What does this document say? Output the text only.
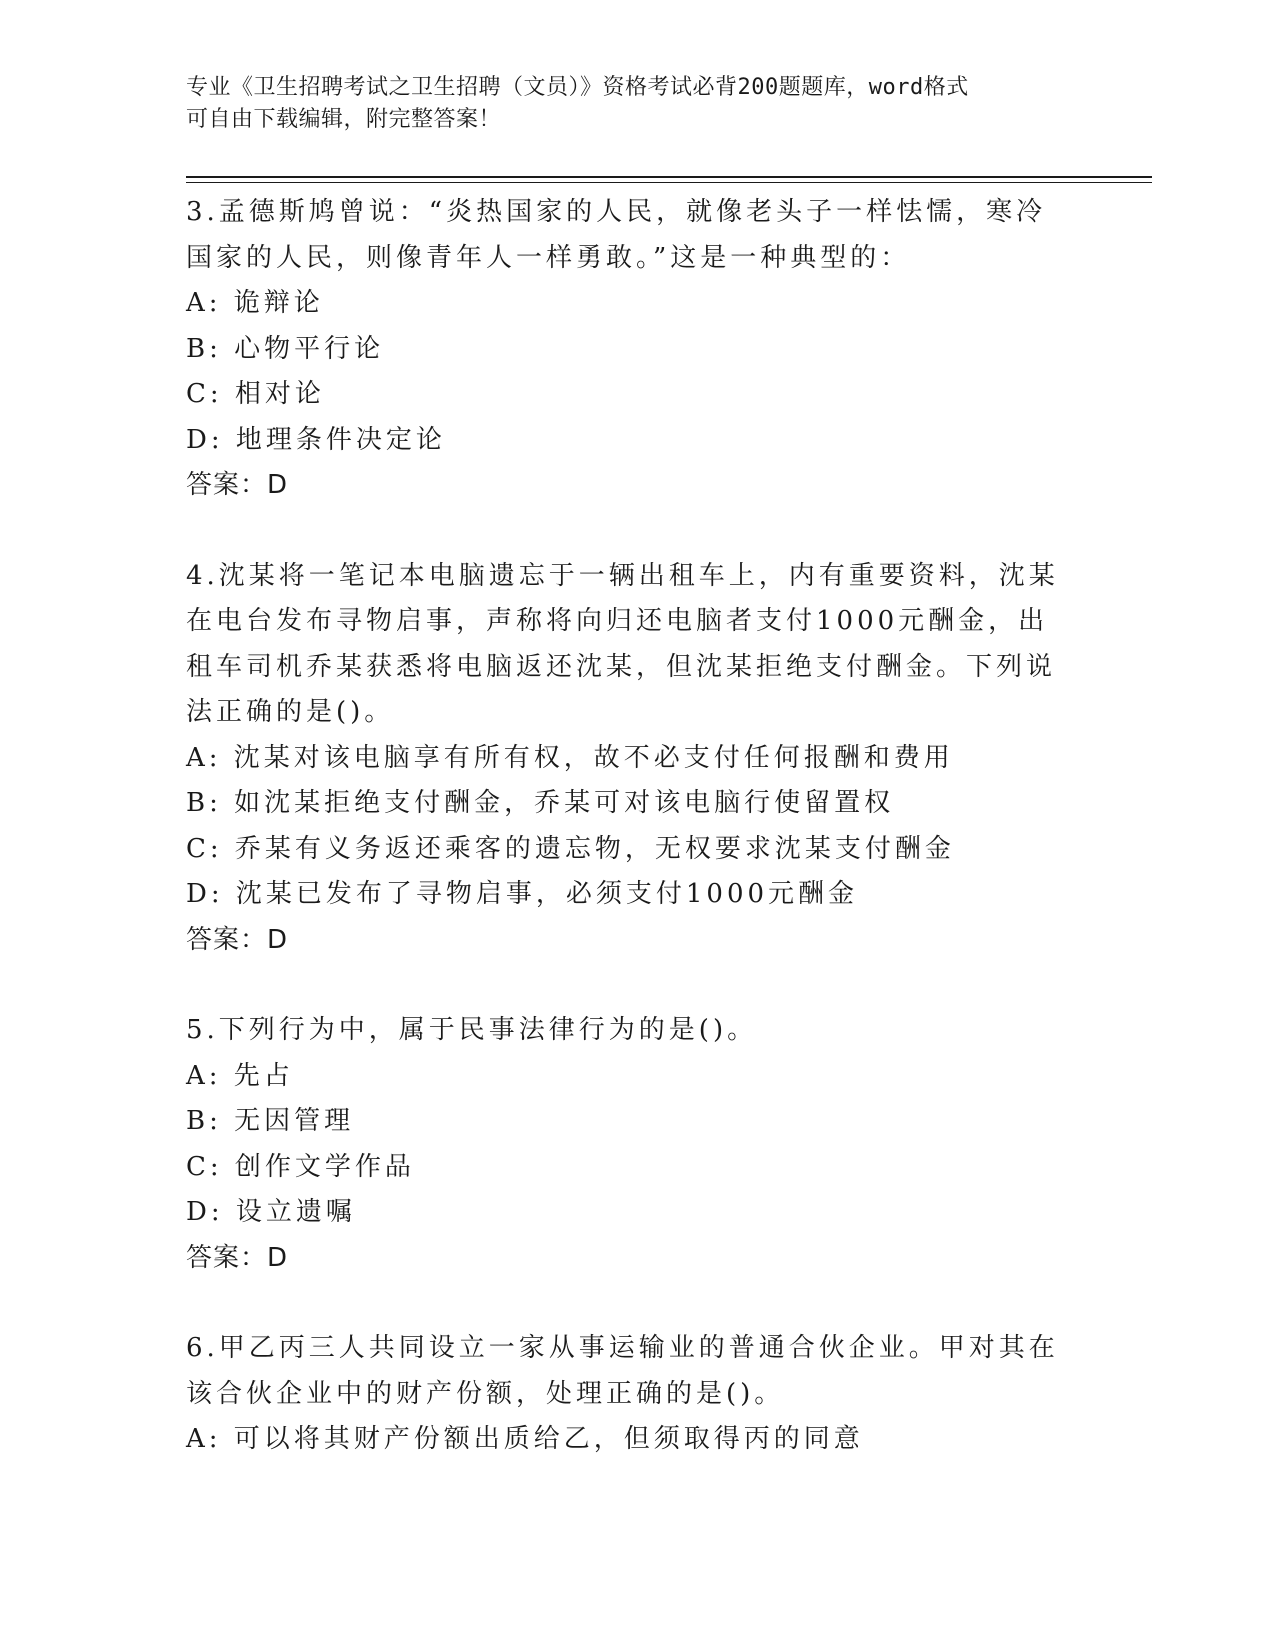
专业《卫生招聘考试之卫生招聘（文员）》资格考试必背200题题库，word格式
可自由下载编辑，附完整答案！

3.孟德斯鸠曾说：“炎热国家的人民，就像老头子一样怯懦，寒冷国家的人民，则像青年人一样勇敢。”这是一种典型的：

A: 诡辩论

B: 心物平行论

C: 相对论

D: 地理条件决定论

答案：D

4.沈某将一笔记本电脑遗忘于一辆出租车上，内有重要资料，沈某在电台发布寻物启事，声称将向归还电脑者支付1000元酬金，出租车司机乔某获悉将电脑返还沈某，但沈某拒绝支付酬金。下列说法正确的是()。

A: 沈某对该电脑享有所有权，故不必支付任何报酬和费用

B: 如沈某拒绝支付酬金，乔某可对该电脑行使留置权

C: 乔某有义务返还乘客的遗忘物，无权要求沈某支付酬金

D: 沈某已发布了寻物启事，必须支付1000元酬金

答案：D

5.下列行为中，属于民事法律行为的是()。

A: 先占

B: 无因管理

C: 创作文学作品

D: 设立遗嘱

答案：D

6.甲乙丙三人共同设立一家从事运输业的普通合伙企业。甲对其在该合伙企业中的财产份额，处理正确的是()。

A: 可以将其财产份额出质给乙，但须取得丙的同意
